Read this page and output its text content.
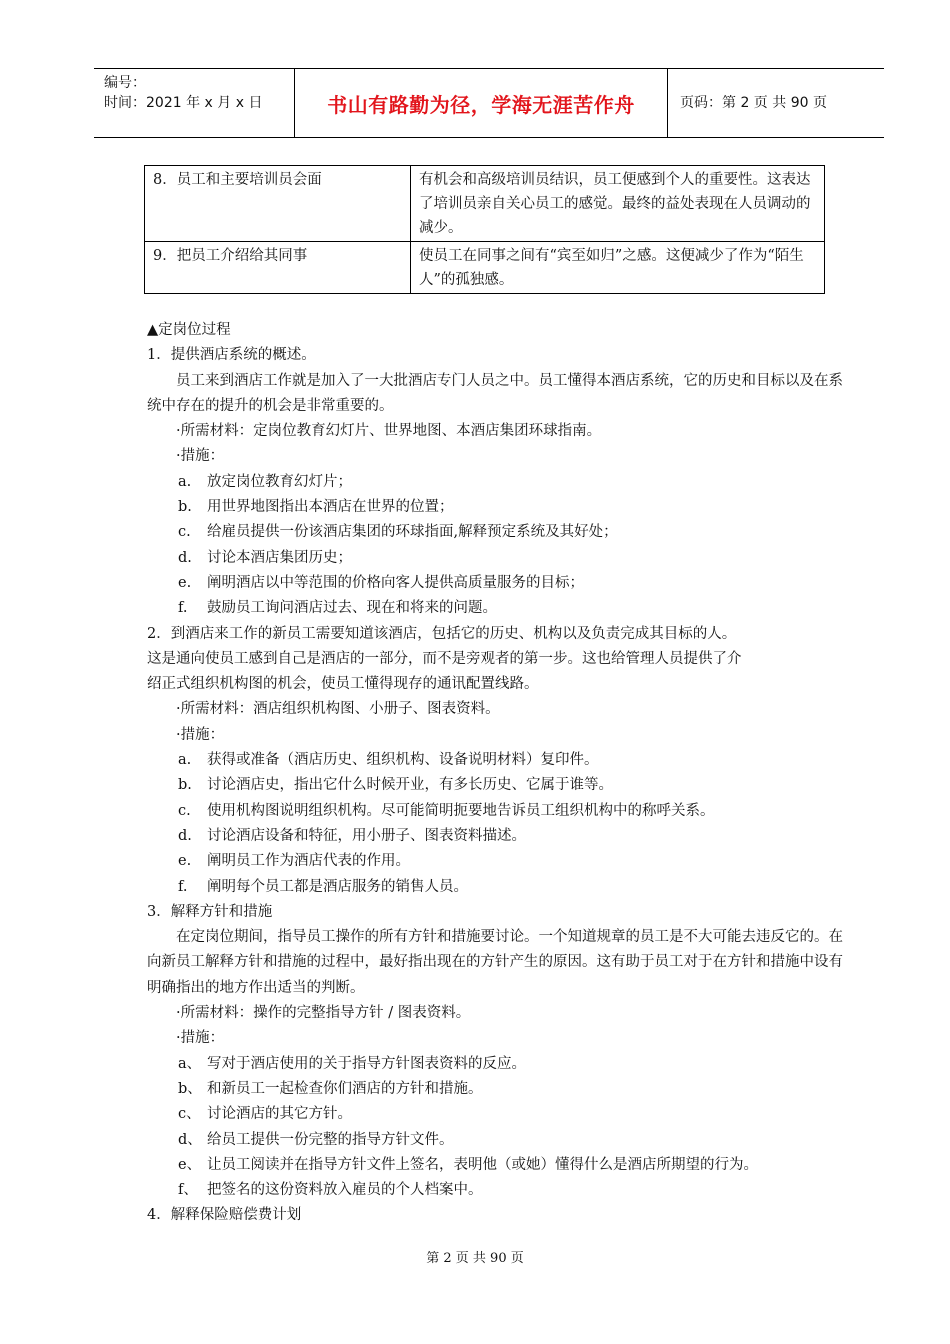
编号：
时间：2021 年 x 月 x 日	书山有路勤为径，学海无涯苦作舟	页码：第 2 页 共 90 页
8．员工和主要培训员会面	有机会和高级培训员结识，员工便感到个人的重要性。这表达了培训员亲自关心员工的感觉。最终的益处表现在人员调动的减少。
9．把员工介绍给其同事	使员工在同事之间有“宾至如归”之感。这便减少了作为“陌生人”的孤独感。

▲定岗位过程

1．提供酒店系统的概述。

员工来到酒店工作就是加入了一大批酒店专门人员之中。员工懂得本酒店系统，它的历史和目标以及在系统中存在的提升的机会是非常重要的。

·所需材料：定岗位教育幻灯片、世界地图、本酒店集团环球指南。

·措施：

a. 放定岗位教育幻灯片；

b. 用世界地图指出本酒店在世界的位置；

c. 给雇员提供一份该酒店集团的环球指面,解释预定系统及其好处；

d. 讨论本酒店集团历史；

e. 阐明酒店以中等范围的价格向客人提供高质量服务的目标；

f. 鼓励员工询问酒店过去、现在和将来的问题。

2．到酒店来工作的新员工需要知道该酒店，包括它的历史、机构以及负责完成其目标的人。

这是通向使员工感到自己是酒店的一部分，而不是旁观者的第一步。这也给管理人员提供了介

绍正式组织机构图的机会，使员工懂得现存的通讯配置线路。

·所需材料：酒店组织机构图、小册子、图表资料。

·措施：

a. 获得或准备（酒店历史、组织机构、设备说明材料）复印件。

b. 讨论酒店史，指出它什么时候开业，有多长历史、它属于谁等。

c. 使用机构图说明组织机构。尽可能简明扼要地告诉员工组织机构中的称呼关系。

d. 讨论酒店设备和特征，用小册子、图表资料描述。

e. 阐明员工作为酒店代表的作用。

f. 阐明每个员工都是酒店服务的销售人员。

3．解释方针和措施

在定岗位期间，指导员工操作的所有方针和措施要讨论。一个知道规章的员工是不大可能去违反它的。在向新员工解释方针和措施的过程中，最好指出现在的方针产生的原因。这有助于员工对于在方针和措施中设有明确指出的地方作出适当的判断。

·所需材料：操作的完整指导方针 / 图表资料。

·措施：

a、 写对于酒店使用的关于指导方针图表资料的反应。

b、 和新员工一起检查你们酒店的方针和措施。

c、 讨论酒店的其它方针。

d、 给员工提供一份完整的指导方针文件。

e、 让员工阅读并在指导方针文件上签名，表明他（或她）懂得什么是酒店所期望的行为。

f、 把签名的这份资料放入雇员的个人档案中。

4．解释保险赔偿费计划

第 2 页 共 90 页
